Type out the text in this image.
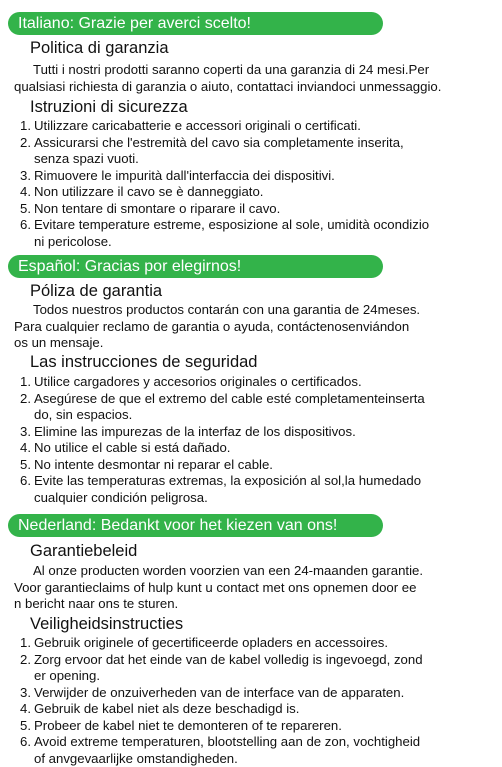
Italiano: Grazie per averci scelto!
Politica di garanzia
Tutti i nostri prodotti saranno coperti da una garanzia di 24 mesi.Per
qualsiasi richiesta di garanzia o aiuto, contattaci inviandoci unmessaggio.
Istruzioni di sicurezza
1. Utilizzare caricabatterie e accessori originali o certificati.
2. Assicurarsi che l'estremità del cavo sia completamente inserita,
senza spazi vuoti.
3. Rimuovere le impurità dall'interfaccia dei dispositivi.
4. Non utilizzare il cavo se è danneggiato.
5. Non tentare di smontare o riparare il cavo.
6. Evitare temperature estreme, esposizione al sole, umidità ocondizio
ni pericolose.
Español: Gracias por elegirnos!
Póliza de garantia
Todos nuestros productos contarán con una garantia de 24meses.
Para cualquier reclamo de garantia o ayuda, contáctenosenviándon
os un mensaje.
Las instrucciones de seguridad
1. Utilice cargadores y accesorios originales o certificados.
2. Asegúrese de que el extremo del cable esté completamenteinserta
do, sin espacios.
3. Elimine las impurezas de la interfaz de los dispositivos.
4. No utilice el cable si está dañado.
5. No intente desmontar ni reparar el cable.
6. Evite las temperaturas extremas, la exposición al sol,la humedado
cualquier condición peligrosa.
Nederland: Bedankt voor het kiezen van ons!
Garantiebeleid
Al onze producten worden voorzien van een 24-maanden garantie.
Voor garantieclaims of hulp kunt u contact met ons opnemen door ee
n bericht naar ons te sturen.
Veiligheidsinstructies
1. Gebruik originele of gecertificeerde opladers en accessoires.
2. Zorg ervoor dat het einde van de kabel volledig is ingevoegd, zond
er opening.
3. Verwijder de onzuiverheden van de interface van de apparaten.
4. Gebruik de kabel niet als deze beschadigd is.
5. Probeer de kabel niet te demonteren of te repareren.
6. Avoid extreme temperaturen, blootstelling aan de zon, vochtigheid
of anvgevaarlijke omstandigheden.
